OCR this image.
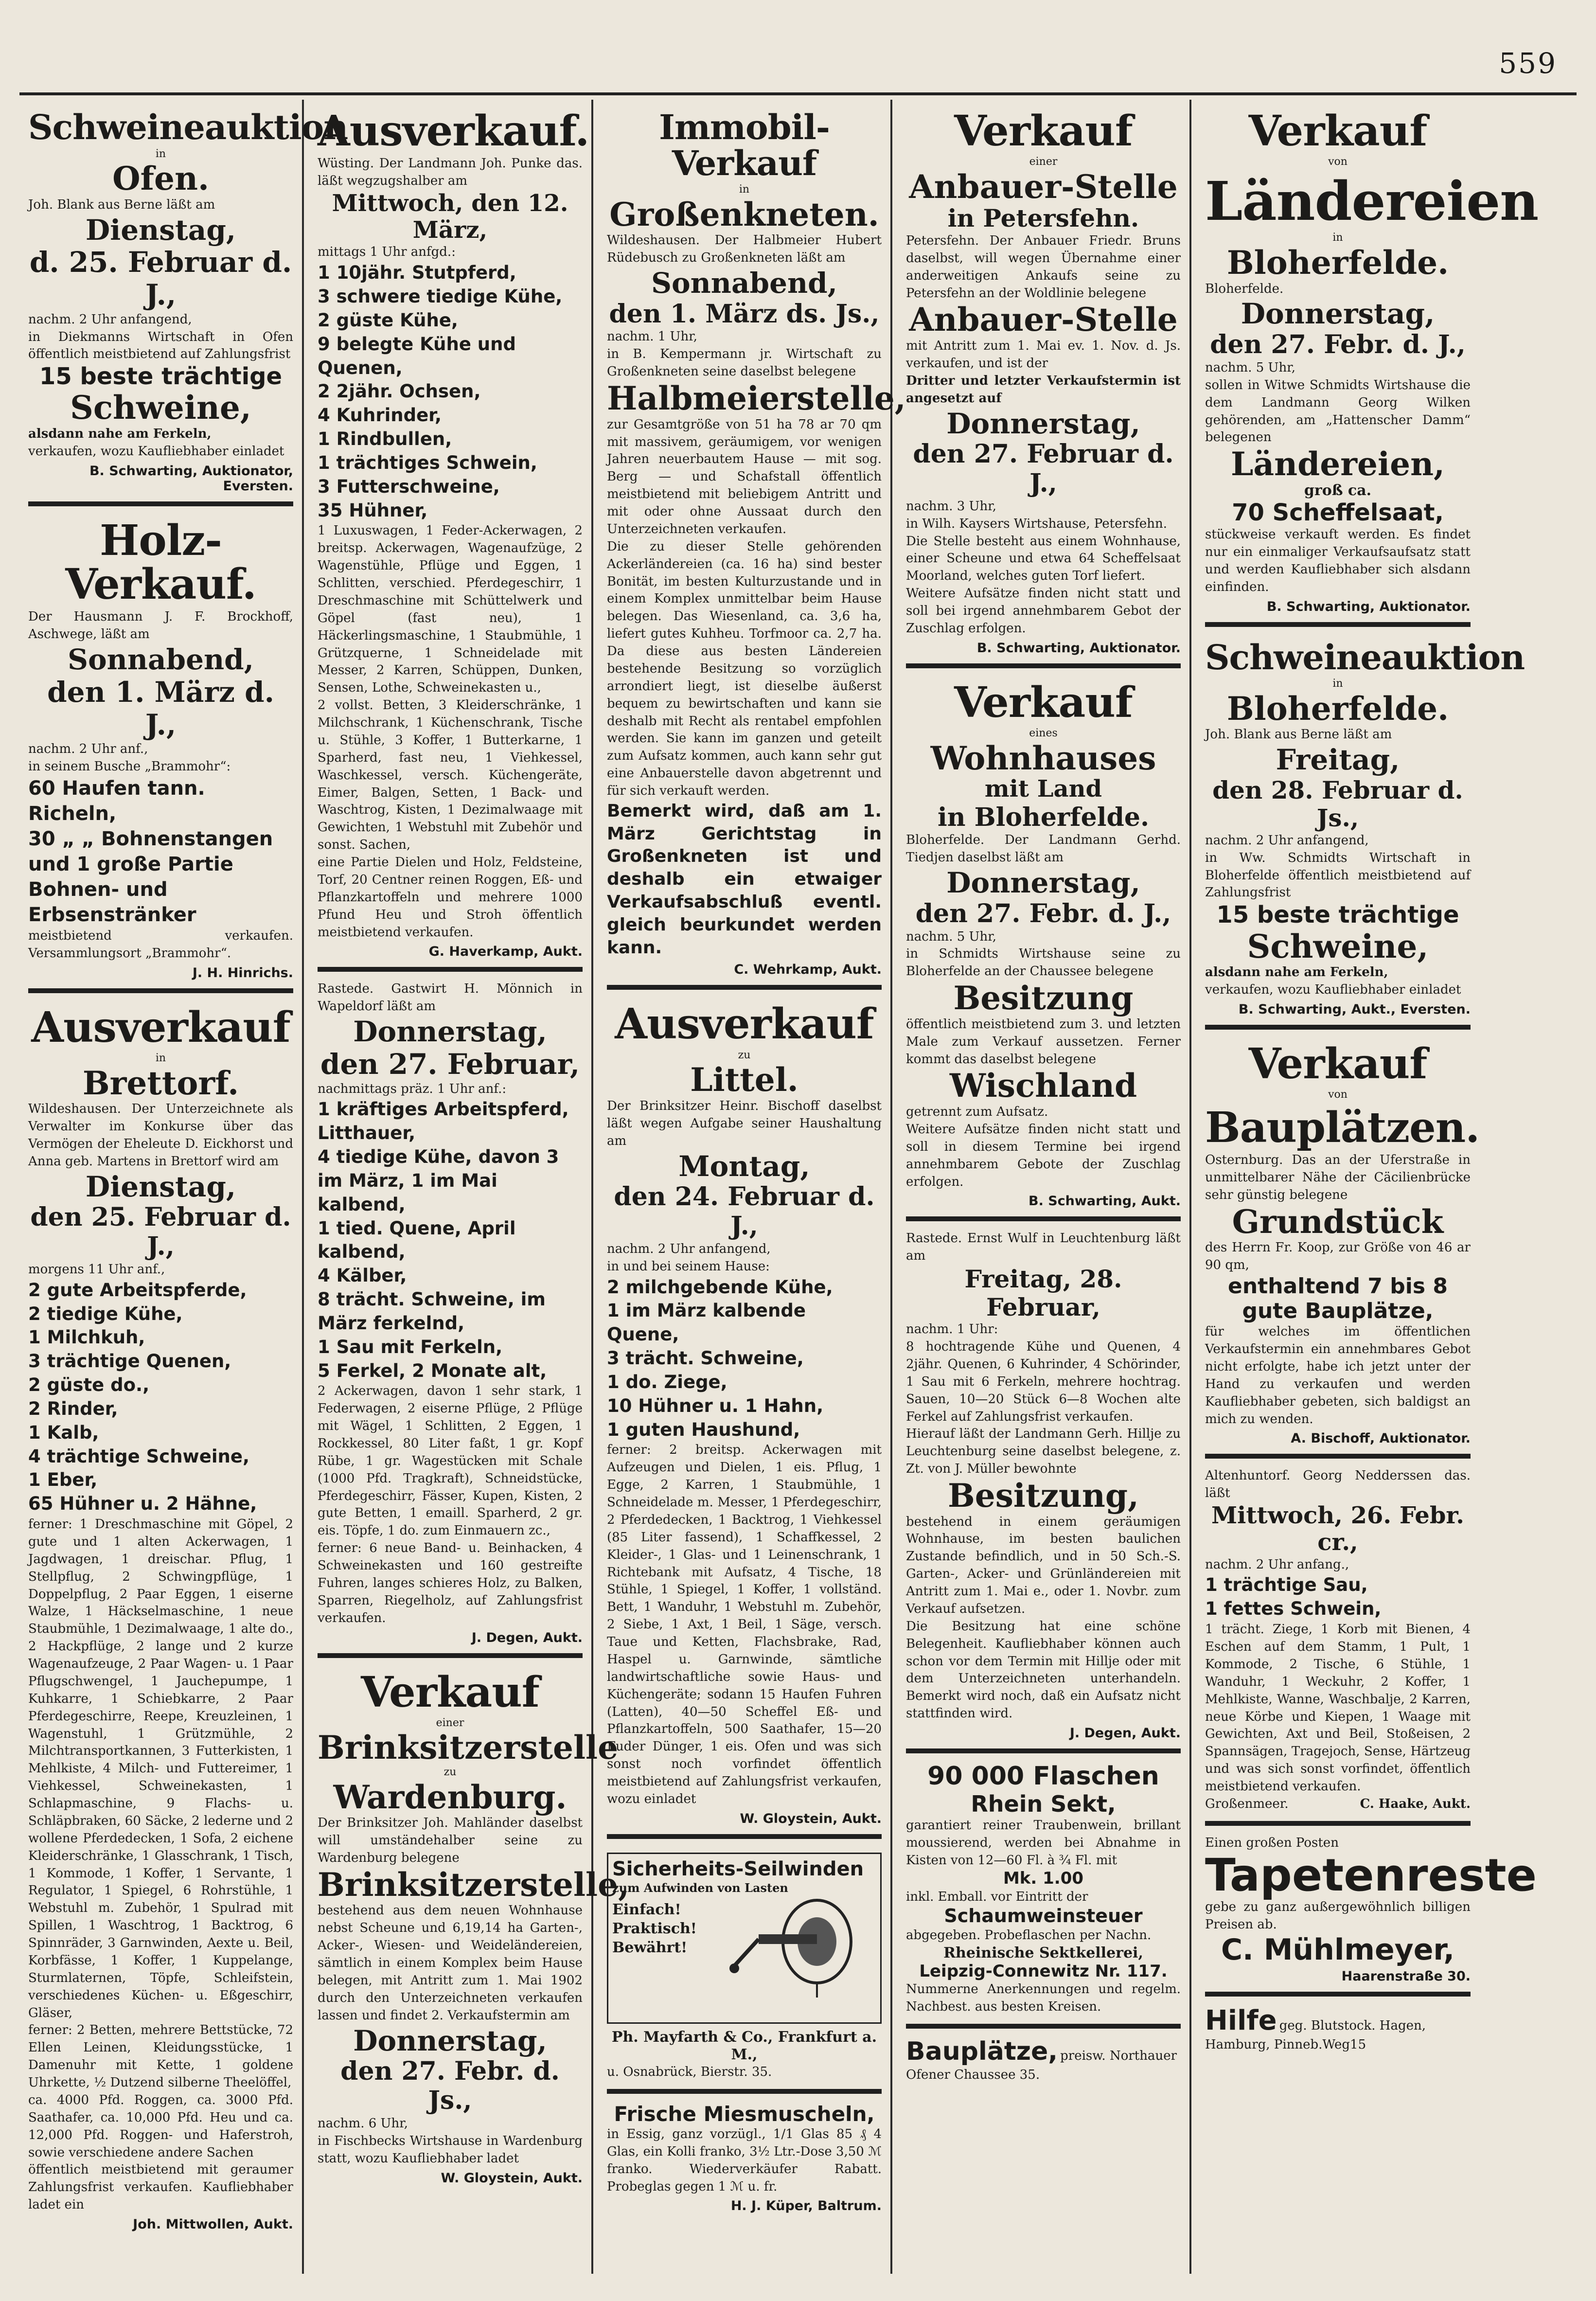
559
Schweineauktion
in
Ofen.
Joh. Blank aus Berne läßt am
Dienstag,
d. 25. Februar d. J.,
nachm. 2 Uhr anfangend,
in Diekmanns Wirtschaft in Ofen öffentlich meistbietend auf Zahlungsfrist
15 beste trächtige
Schweine,
alsdann nahe am Ferkeln,
verkaufen, wozu Kaufliebhaber einladet
B. Schwarting, Auktionator, Eversten.
Holz-Verkauf.
Der Hausmann J. F. Brockhoff, Aschwege, läßt am
Sonnabend,
den 1. März d. J.,
nachm. 2 Uhr anf.,
in seinem Busche „Brammohr“:
60 Haufen tann. Richeln,
30 „ „ Bohnenstangen
und 1 große Partie Bohnen- und Erbsenstränker
meistbietend verkaufen. Versammlungsort „Brammohr“.
J. H. Hinrichs.
Ausverkauf
in
Brettorf.
Wildeshausen. Der Unterzeichnete als Verwalter im Konkurse über das Vermögen der Eheleute D. Eickhorst und Anna geb. Martens in Brettorf wird am
Dienstag,
den 25. Februar d. J.,
morgens 11 Uhr anf.,
2 gute Arbeitspferde,
2 tiedige Kühe,
1 Milchkuh,
3 trächtige Quenen,
2 güste do.,
2 Rinder,
1 Kalb,
4 trächtige Schweine,
1 Eber,
65 Hühner u. 2 Hähne,
ferner: 1 Dreschmaschine mit Göpel, 2 gute und 1 alten Ackerwagen, 1 Jagdwagen, 1 dreischar. Pflug, 1 Stellpflug, 2 Schwingpflüge, 1 Doppelpflug, 2 Paar Eggen, 1 eiserne Walze, 1 Häckselmaschine, 1 neue Staubmühle, 1 Dezimalwaage, 1 alte do., 2 Hackpflüge, 2 lange und 2 kurze Wagenaufzeuge, 2 Paar Wagen- u. 1 Paar Pflugschwengel, 1 Jauchepumpe, 1 Kuhkarre, 1 Schiebkarre, 2 Paar Pferdegeschirre, Reepe, Kreuzleinen, 1 Wagenstuhl, 1 Grützmühle, 2 Milchtransportkannen, 3 Futterkisten, 1 Mehlkiste, 4 Milch- und Futtereimer, 1 Viehkessel, Schweinekasten, 1 Schlapmaschine, 9 Flachs- u. Schläpbraken, 60 Säcke, 2 lederne und 2 wollene Pferdedecken, 1 Sofa, 2 eichene Kleiderschränke, 1 Glasschrank, 1 Tisch, 1 Kommode, 1 Koffer, 1 Servante, 1 Regulator, 1 Spiegel, 6 Rohrstühle, 1 Webstuhl m. Zubehör, 1 Spulrad mit Spillen, 1 Waschtrog, 1 Backtrog, 6 Spinnräder, 3 Garnwinden, Aexte u. Beil, Korbfässe, 1 Koffer, 1 Kuppelange, Sturmlaternen, Töpfe, Schleifstein, verschiedenes Küchen- u. Eßgeschirr, Gläser,
ferner: 2 Betten, mehrere Bettstücke, 72 Ellen Leinen, Kleidungsstücke, 1 Damenuhr mit Kette, 1 goldene Uhrkette, ½ Dutzend silberne Theelöffel,
ca. 4000 Pfd. Roggen, ca. 3000 Pfd. Saathafer, ca. 10,000 Pfd. Heu und ca. 12,000 Pfd. Roggen- und Haferstroh, sowie verschiedene andere Sachen
öffentlich meistbietend mit geraumer Zahlungsfrist verkaufen. Kaufliebhaber ladet ein
Joh. Mittwollen, Aukt.
Ausverkauf.
Wüsting. Der Landmann Joh. Punke das. läßt wegzugshalber am
Mittwoch, den 12. März,
mittags 1 Uhr anfgd.:
1 10jähr. Stutpferd,
3 schwere tiedige Kühe,
2 güste Kühe,
9 belegte Kühe und Quenen,
2 2jähr. Ochsen,
4 Kuhrinder,
1 Rindbullen,
1 trächtiges Schwein,
3 Futterschweine,
35 Hühner,
1 Luxuswagen, 1 Feder-Ackerwagen, 2 breitsp. Ackerwagen, Wagenaufzüge, 2 Wagenstühle, Pflüge und Eggen, 1 Schlitten, verschied. Pferdegeschirr, 1 Dreschmaschine mit Schüttelwerk und Göpel (fast neu), 1 Häckerlingsmaschine, 1 Staubmühle, 1 Grützquerne, 1 Schneidelade mit Messer, 2 Karren, Schüppen, Dunken, Sensen, Lothe, Schweinekasten u.,
2 vollst. Betten, 3 Kleiderschränke, 1 Milchschrank, 1 Küchenschrank, Tische u. Stühle, 3 Koffer, 1 Butterkarne, 1 Sparherd, fast neu, 1 Viehkessel, Waschkessel, versch. Küchengeräte, Eimer, Balgen, Setten, 1 Back- und Waschtrog, Kisten, 1 Dezimalwaage mit Gewichten, 1 Webstuhl mit Zubehör und sonst. Sachen,
eine Partie Dielen und Holz, Feldsteine, Torf, 20 Centner reinen Roggen, Eß- und Pflanzkartoffeln und mehrere 1000 Pfund Heu und Stroh öffentlich meistbietend verkaufen.
G. Haverkamp, Aukt.
Rastede. Gastwirt H. Mönnich in Wapeldorf läßt am
Donnerstag,
den 27. Februar,
nachmittags präz. 1 Uhr anf.:
1 kräftiges Arbeitspferd, Litthauer,
4 tiedige Kühe, davon 3 im März, 1 im Mai kalbend,
1 tied. Quene, April kalbend,
4 Kälber,
8 trächt. Schweine, im März ferkelnd,
1 Sau mit Ferkeln,
5 Ferkel, 2 Monate alt,
2 Ackerwagen, davon 1 sehr stark, 1 Federwagen, 2 eiserne Pflüge, 2 Pflüge mit Wägel, 1 Schlitten, 2 Eggen, 1 Rockkessel, 80 Liter faßt, 1 gr. Kopf Rübe, 1 gr. Wagestücken mit Schale (1000 Pfd. Tragkraft), Schneidstücke, Pferdegeschirr, Fässer, Kupen, Kisten, 2 gute Betten, 1 emaill. Sparherd, 2 gr. eis. Töpfe, 1 do. zum Einmauern zc.,
ferner: 6 neue Band- u. Beinhacken, 4 Schweinekasten und 160 gestreifte Fuhren, langes schieres Holz, zu Balken, Sparren, Riegelholz, auf Zahlungsfrist verkaufen.
J. Degen, Aukt.
Verkauf
einer
Brinksitzerstelle
zu
Wardenburg.
Der Brinksitzer Joh. Mahländer daselbst will umständehalber seine zu Wardenburg belegene
Brinksitzerstelle,
bestehend aus dem neuen Wohnhause nebst Scheune und 6,19,14 ha Garten-, Acker-, Wiesen- und Weideländereien, sämtlich in einem Komplex beim Hause belegen, mit Antritt zum 1. Mai 1902 durch den Unterzeichneten verkaufen lassen und findet 2. Verkaufstermin am
Donnerstag,
den 27. Febr. d. Js.,
nachm. 6 Uhr,
in Fischbecks Wirtshause in Wardenburg statt, wozu Kaufliebhaber ladet
W. Gloystein, Aukt.
Immobil-Verkauf
in
Großenkneten.
Wildeshausen. Der Halbmeier Hubert Rüdebusch zu Großenkneten läßt am
Sonnabend,
den 1. März ds. Js.,
nachm. 1 Uhr,
in B. Kempermann jr. Wirtschaft zu Großenkneten seine daselbst belegene
Halbmeierstelle,
zur Gesamtgröße von 51 ha 78 ar 70 qm mit massivem, geräumigem, vor wenigen Jahren neuerbautem Hause — mit sog. Berg — und Schafstall öffentlich meistbietend mit beliebigem Antritt und mit oder ohne Aussaat durch den Unterzeichneten verkaufen.
Die zu dieser Stelle gehörenden Ackerländereien (ca. 16 ha) sind bester Bonität, im besten Kulturzustande und in einem Komplex unmittelbar beim Hause belegen. Das Wiesenland, ca. 3,6 ha, liefert gutes Kuhheu. Torfmoor ca. 2,7 ha. Da diese aus besten Ländereien bestehende Besitzung so vorzüglich arrondiert liegt, ist dieselbe äußerst bequem zu bewirtschaften und kann sie deshalb mit Recht als rentabel empfohlen werden. Sie kann im ganzen und geteilt zum Aufsatz kommen, auch kann sehr gut eine Anbauerstelle davon abgetrennt und für sich verkauft werden.
Bemerkt wird, daß am 1. März Gerichtstag in Großenkneten ist und deshalb ein etwaiger Verkaufsabschluß eventl. gleich beurkundet werden kann.
C. Wehrkamp, Aukt.
Ausverkauf
zu
Littel.
Der Brinksitzer Heinr. Bischoff daselbst läßt wegen Aufgabe seiner Haushaltung am
Montag,
den 24. Februar d. J.,
nachm. 2 Uhr anfangend,
in und bei seinem Hause:
2 milchgebende Kühe,
1 im März kalbende Quene,
3 trächt. Schweine,
1 do. Ziege,
10 Hühner u. 1 Hahn,
1 guten Haushund,
ferner: 2 breitsp. Ackerwagen mit Aufzeugen und Dielen, 1 eis. Pflug, 1 Egge, 2 Karren, 1 Staubmühle, 1 Schneidelade m. Messer, 1 Pferdegeschirr, 2 Pferdedecken, 1 Backtrog, 1 Viehkessel (85 Liter fassend), 1 Schaffkessel, 2 Kleider-, 1 Glas- und 1 Leinenschrank, 1 Richtebank mit Aufsatz, 4 Tische, 18 Stühle, 1 Spiegel, 1 Koffer, 1 vollständ. Bett, 1 Wanduhr, 1 Webstuhl m. Zubehör, 2 Siebe, 1 Axt, 1 Beil, 1 Säge, versch. Taue und Ketten, Flachsbrake, Rad, Haspel u. Garnwinde, sämtliche landwirtschaftliche sowie Haus- und Küchengeräte; sodann 15 Haufen Fuhren (Latten), 40—50 Scheffel Eß- und Pflanzkartoffeln, 500 Saathafer, 15—20 Fuder Dünger, 1 eis. Ofen und was sich sonst noch vorfindet öffentlich meistbietend auf Zahlungsfrist verkaufen, wozu einladet
W. Gloystein, Aukt.
Sicherheits-Seilwinden
zum Aufwinden von Lasten
Einfach!
Praktisch!
Bewährt!
Ph. Mayfarth & Co., Frankfurt a. M.,
u. Osnabrück, Bierstr. 35.
Frische Miesmuscheln,
in Essig, ganz vorzügl., 1/1 Glas 85 ₰ 4 Glas, ein Kolli franko, 3½ Ltr.-Dose 3,50 ℳ franko. Wiederverkäufer Rabatt. Probeglas gegen 1 ℳ u. fr.
H. J. Küper, Baltrum.
Verkauf
einer
Anbauer-Stelle
in Petersfehn.
Petersfehn. Der Anbauer Friedr. Bruns daselbst, will wegen Übernahme einer anderweitigen Ankaufs seine zu Petersfehn an der Woldlinie belegene
Anbauer-Stelle
mit Antritt zum 1. Mai ev. 1. Nov. d. Js. verkaufen, und ist der
Dritter und letzter Verkaufstermin ist angesetzt auf
Donnerstag,
den 27. Februar d. J.,
nachm. 3 Uhr,
in Wilh. Kaysers Wirtshause, Petersfehn.
Die Stelle besteht aus einem Wohnhause, einer Scheune und etwa 64 Scheffelsaat Moorland, welches guten Torf liefert.
Weitere Aufsätze finden nicht statt und soll bei irgend annehmbarem Gebot der Zuschlag erfolgen.
B. Schwarting, Auktionator.
Verkauf
eines
Wohnhauses
mit Land
in Bloherfelde.
Bloherfelde. Der Landmann Gerhd. Tiedjen daselbst läßt am
Donnerstag,
den 27. Febr. d. J.,
nachm. 5 Uhr,
in Schmidts Wirtshause seine zu Bloherfelde an der Chaussee belegene
Besitzung
öffentlich meistbietend zum 3. und letzten Male zum Verkauf aussetzen. Ferner kommt das daselbst belegene
Wischland
getrennt zum Aufsatz.
Weitere Aufsätze finden nicht statt und soll in diesem Termine bei irgend annehmbarem Gebote der Zuschlag erfolgen.
B. Schwarting, Aukt.
Rastede. Ernst Wulf in Leuchtenburg läßt am
Freitag, 28. Februar,
nachm. 1 Uhr:
8 hochtragende Kühe und Quenen, 4 2jähr. Quenen, 6 Kuhrinder, 4 Schörinder, 1 Sau mit 6 Ferkeln, mehrere hochtrag. Sauen, 10—20 Stück 6—8 Wochen alte Ferkel auf Zahlungsfrist verkaufen.
Hierauf läßt der Landmann Gerh. Hillje zu Leuchtenburg seine daselbst belegene, z. Zt. von J. Müller bewohnte
Besitzung,
bestehend in einem geräumigen Wohnhause, im besten baulichen Zustande befindlich, und in 50 Sch.-S. Garten-, Acker- und Grünländereien mit Antritt zum 1. Mai e., oder 1. Novbr. zum Verkauf aufsetzen.
Die Besitzung hat eine schöne Belegenheit. Kaufliebhaber können auch schon vor dem Termin mit Hillje oder mit dem Unterzeichneten unterhandeln. Bemerkt wird noch, daß ein Aufsatz nicht stattfinden wird.
J. Degen, Aukt.
90 000 Flaschen
Rhein Sekt,
garantiert reiner Traubenwein, brillant moussierend, werden bei Abnahme in Kisten von 12—60 Fl. à ¾ Fl. mit
Mk. 1.00
inkl. Emball. vor Eintritt der
Schaumweinsteuer
abgegeben. Probeflaschen per Nachn.
Rheinische Sektkellerei,
Leipzig-Connewitz Nr. 117.
Nummerne Anerkennungen und regelm. Nachbest. aus besten Kreisen.
Bauplätze, preisw. Northauer Ofener Chaussee 35.
Verkauf
von
Ländereien
in
Bloherfelde.
Bloherfelde.
Donnerstag,
den 27. Febr. d. J.,
nachm. 5 Uhr,
sollen in Witwe Schmidts Wirtshause die dem Landmann Georg Wilken gehörenden, am „Hattenscher Damm“ belegenen
Ländereien,
groß ca.
70 Scheffelsaat,
stückweise verkauft werden. Es findet nur ein einmaliger Verkaufsaufsatz statt und werden Kaufliebhaber sich alsdann einfinden.
B. Schwarting, Auktionator.
Schweineauktion
in
Bloherfelde.
Joh. Blank aus Berne läßt am
Freitag,
den 28. Februar d. Js.,
nachm. 2 Uhr anfangend,
in Ww. Schmidts Wirtschaft in Bloherfelde öffentlich meistbietend auf Zahlungsfrist
15 beste trächtige
Schweine,
alsdann nahe am Ferkeln,
verkaufen, wozu Kaufliebhaber einladet
B. Schwarting, Aukt., Eversten.
Verkauf
von
Bauplätzen.
Osternburg. Das an der Uferstraße in unmittelbarer Nähe der Cäcilienbrücke sehr günstig belegene
Grundstück
des Herrn Fr. Koop, zur Größe von 46 ar 90 qm,
enthaltend 7 bis 8 gute Bauplätze,
für welches im öffentlichen Verkaufstermin ein annehmbares Gebot nicht erfolgte, habe ich jetzt unter der Hand zu verkaufen und werden Kaufliebhaber gebeten, sich baldigst an mich zu wenden.
A. Bischoff, Auktionator.
Altenhuntorf. Georg Nedderssen das. läßt
Mittwoch, 26. Febr. cr.,
nachm. 2 Uhr anfang.,
1 trächtige Sau,
1 fettes Schwein,
1 trächt. Ziege, 1 Korb mit Bienen, 4 Eschen auf dem Stamm, 1 Pult, 1 Kommode, 2 Tische, 6 Stühle, 1 Wanduhr, 1 Weckuhr, 2 Koffer, 1 Mehlkiste, Wanne, Waschbalje, 2 Karren, neue Körbe und Kiepen, 1 Waage mit Gewichten, Axt und Beil, Stoßeisen, 2 Spannsägen, Tragejoch, Sense, Härtzeug und was sich sonst vorfindet, öffentlich meistbietend verkaufen.
Großenmeer.	C. Haake, Aukt.
Einen großen Posten
Tapetenreste
gebe zu ganz außergewöhnlich billigen Preisen ab.
C. Mühlmeyer,
Haarenstraße 30.
Hilfe geg. Blutstock. Hagen, Hamburg, Pinneb.Weg15
